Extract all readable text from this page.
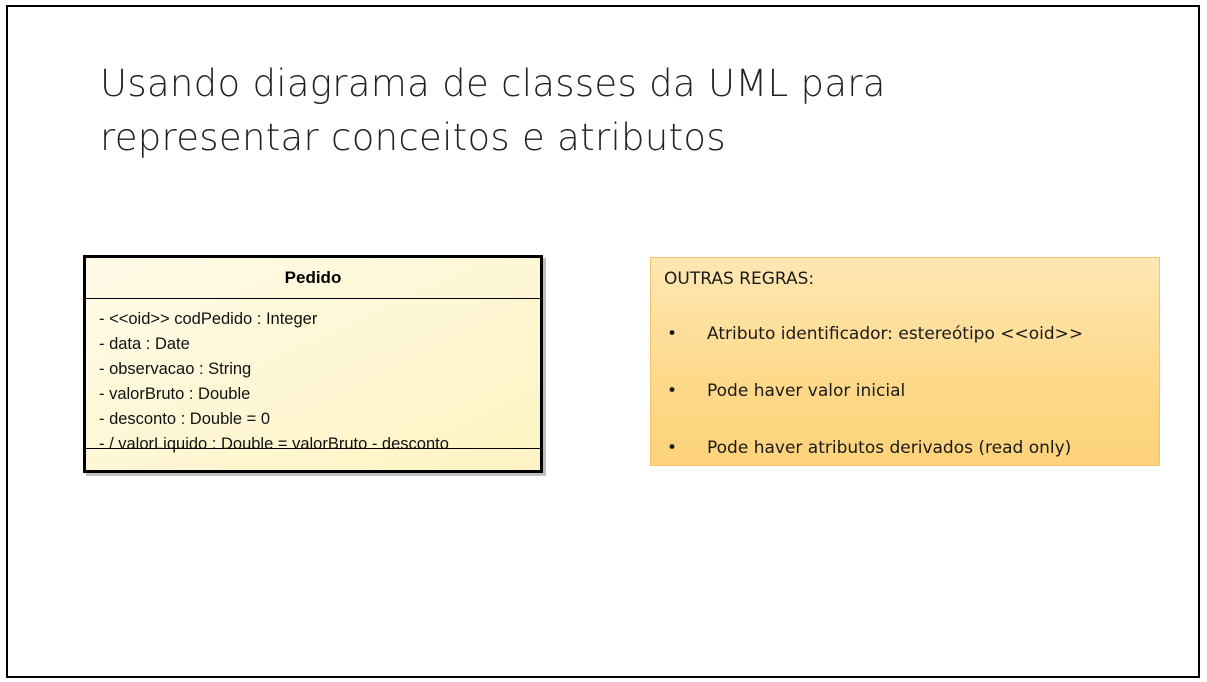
Usando diagrama de classes da UML para
representar conceitos e atributos
Pedido
- <<oid>> codPedido : Integer
- data : Date
- observacao : String
- valorBruto : Double
- desconto : Double = 0
- / valorLiquido : Double = valorBruto - desconto
OUTRAS REGRAS:
• Atributo identificador: estereótipo <<oid>>
• Pode haver valor inicial
• Pode haver atributos derivados (read only)
